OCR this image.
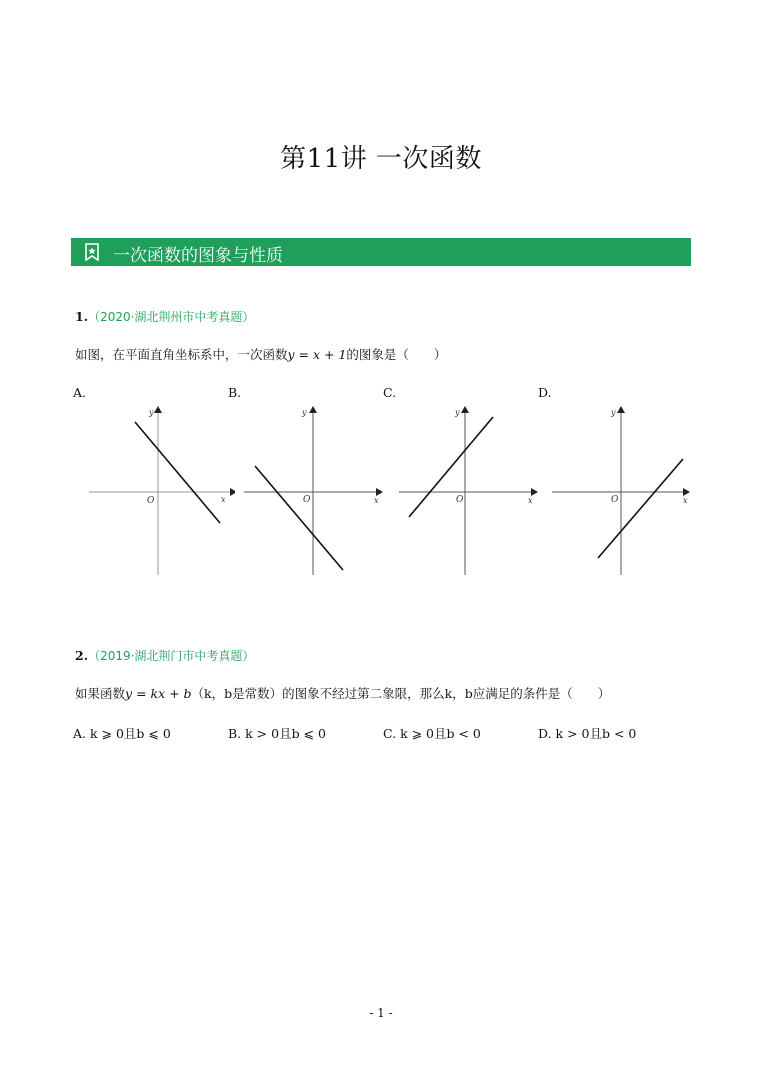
第11讲 一次函数
一次函数的图象与性质
1.（2020·湖北荆州市中考真题）
如图，在平面直角坐标系中，一次函数y = x + 1的图象是（　　）
A.	B.	C.	D.
x
y
O	x
y
O	x
y
O	x
y
O
2.（2019·湖北荆门市中考真题）
如果函数y = kx + b（k，b是常数）的图象不经过第二象限，那么k，b应满足的条件是（　　）
A. k ⩾ 0且b ⩽ 0	B. k > 0且b ⩽ 0	C. k ⩾ 0且b < 0	D. k > 0且b < 0
- 1 -
